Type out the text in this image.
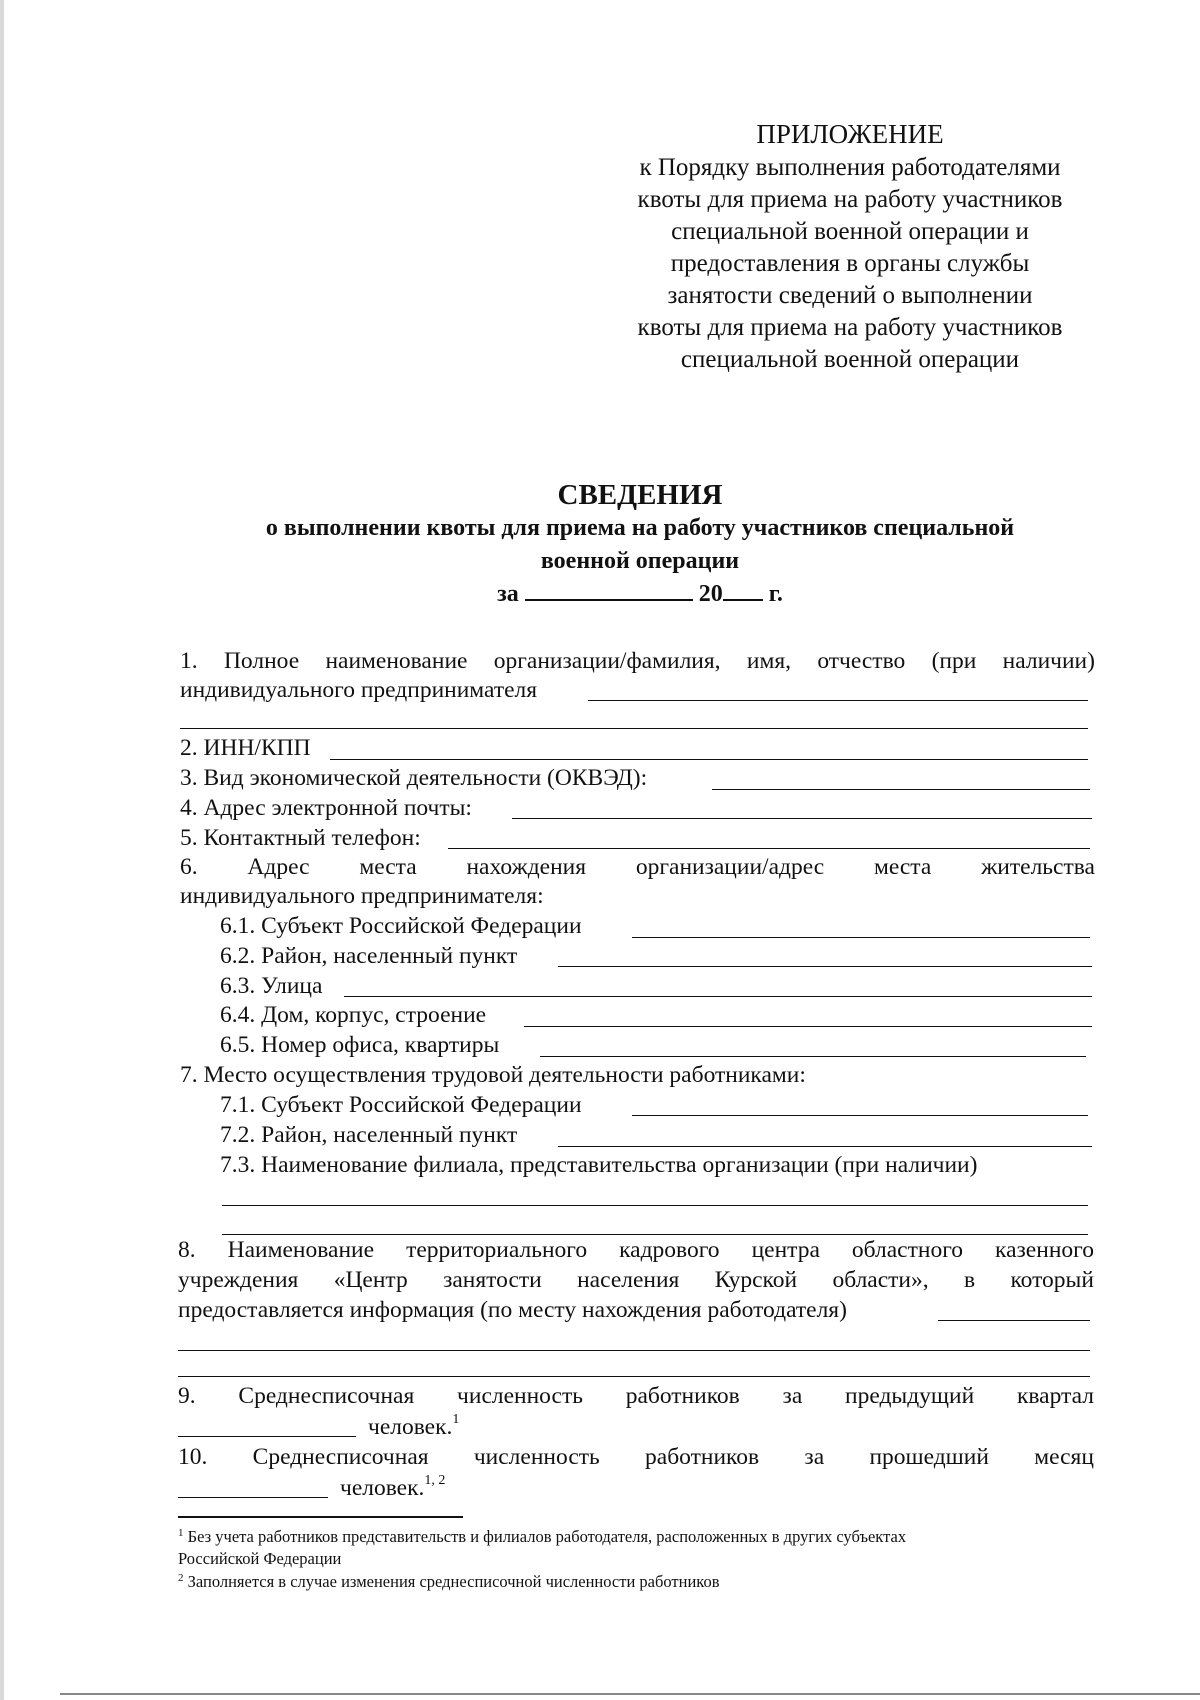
ПРИЛОЖЕНИЕ
к Порядку выполнения работодателями
квоты для приема на работу участников
специальной военной операции и
предоставления в органы службы
занятости сведений о выполнении
квоты для приема на работу участников
специальной военной операции
СВЕДЕНИЯ
о выполнении квоты для приема на работу участников специальной
военной операции
за	20 г.
1. Полное наименование организации/фамилия, имя, отчество (при наличии)
индивидуального предпринимателя
2. ИНН/КПП
3. Вид экономической деятельности (ОКВЭД):
4. Адрес электронной почты:
5. Контактный телефон:
6. Адрес места нахождения организации/адрес места жительства
индивидуального предпринимателя:
6.1. Субъект Российской Федерации
6.2. Район, населенный пункт
6.3. Улица
6.4. Дом, корпус, строение
6.5. Номер офиса, квартиры
7. Место осуществления трудовой деятельности работниками:
7.1. Субъект Российской Федерации
7.2. Район, населенный пункт
7.3. Наименование филиала, представительства организации (при наличии)
8. Наименование территориального кадрового центра областного казенного
учреждения «Центр занятости населения Курской области», в который
предоставляется информация (по месту нахождения работодателя)
9. Среднесписочная численность работников за предыдущий квартал
человек.$^1$
10. Среднесписочная численность работников за прошедший месяц
человек.$^{1, 2}$
$^1$ Без учета работников представительств и филиалов работодателя, расположенных в других субъектах
Российской Федерации
$^2$ Заполняется в случае изменения среднесписочной численности работников
